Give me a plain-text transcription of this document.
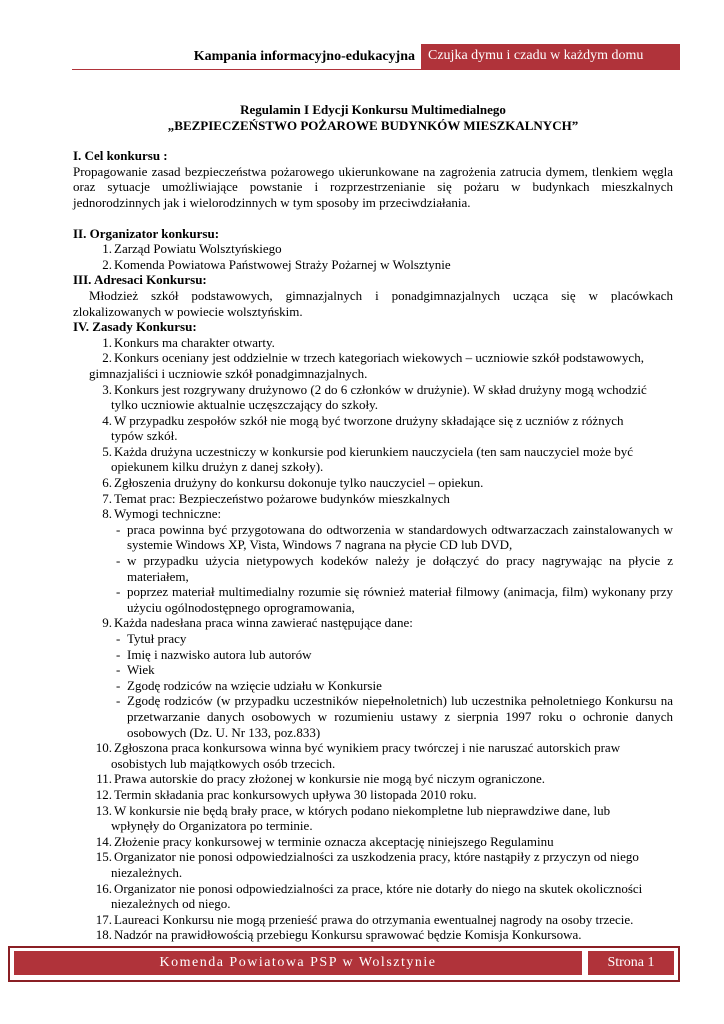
Kampania informacyjno-edukacyjna Czujka dymu i czadu w każdym domu

Regulamin I Edycji Konkursu Multimedialnego

„BEZPIECZEŃSTWO POŻAROWE BUDYNKÓW MIESZKALNYCH”

I. Cel konkursu :

Propagowanie zasad bezpieczeństwa pożarowego ukierunkowane na zagrożenia zatrucia dymem, tlenkiem węgla oraz sytuacje umożliwiające powstanie i rozprzestrzenianie się pożaru w budynkach mieszkalnych jednorodzinnych jak i wielorodzinnych w tym sposoby im przeciwdziałania.

II. Organizator konkursu:

1. Zarząd Powiatu Wolsztyńskiego
2. Komenda Powiatowa Państwowej Straży Pożarnej w Wolsztynie

III. Adresaci Konkursu:

Młodzież szkół podstawowych, gimnazjalnych i ponadgimnazjalnych ucząca się w placówkach zlokalizowanych w powiecie wolsztyńskim.

IV. Zasady Konkursu:

1. Konkurs ma charakter otwarty.
2. Konkurs oceniany jest oddzielnie w trzech kategoriach wiekowych – uczniowie szkół podstawowych,
gimnazjaliści i uczniowie szkół ponadgimnazjalnych.
3. Konkurs jest rozgrywany drużynowo (2 do 6 członków w drużynie). W skład drużyny mogą wchodzić
tylko uczniowie aktualnie uczęszczający do szkoły.
4. W przypadku zespołów szkół nie mogą być tworzone drużyny składające się z uczniów z różnych
typów szkół.
5. Każda drużyna uczestniczy w konkursie pod kierunkiem nauczyciela (ten sam nauczyciel może być
opiekunem kilku drużyn z danej szkoły).
6. Zgłoszenia drużyny do konkursu dokonuje tylko nauczyciel – opiekun.
7. Temat prac: Bezpieczeństwo pożarowe budynków mieszkalnych
8. Wymogi techniczne:
- praca powinna być przygotowana do odtworzenia w standardowych odtwarzaczach zainstalowanych w systemie Windows XP, Vista, Windows 7 nagrana na płycie CD lub DVD,
- w przypadku użycia nietypowych kodeków należy je dołączyć do pracy nagrywając na płycie z materiałem,
- poprzez materiał multimedialny rozumie się również materiał filmowy (animacja, film) wykonany przy użyciu ogólnodostępnego oprogramowania,
9. Każda nadesłana praca winna zawierać następujące dane:
- Tytuł pracy
- Imię i nazwisko autora lub autorów
- Wiek
- Zgodę rodziców na wzięcie udziału w Konkursie
- Zgodę rodziców (w przypadku uczestników niepełnoletnich) lub uczestnika pełnoletniego Konkursu na przetwarzanie danych osobowych w rozumieniu ustawy z sierpnia 1997 roku o ochronie danych osobowych (Dz. U. Nr 133, poz.833)
10. Zgłoszona praca konkursowa winna być wynikiem pracy twórczej i nie naruszać autorskich praw
osobistych lub majątkowych osób trzecich.
11. Prawa autorskie do pracy złożonej w konkursie nie mogą być niczym ograniczone.
12. Termin składania prac konkursowych upływa 30 listopada 2010 roku.
13. W konkursie nie będą brały prace, w których podano niekompletne lub nieprawdziwe dane, lub
wpłynęły do Organizatora po terminie.
14. Złożenie pracy konkursowej w terminie oznacza akceptację niniejszego Regulaminu
15. Organizator nie ponosi odpowiedzialności za uszkodzenia pracy, które nastąpiły z przyczyn od niego
niezależnych.
16. Organizator nie ponosi odpowiedzialności za prace, które nie dotarły do niego na skutek okoliczności
niezależnych od niego.
17. Laureaci Konkursu nie mogą przenieść prawa do otrzymania ewentualnej nagrody na osoby trzecie.
18. Nadzór na prawidłowością przebiegu Konkursu sprawować będzie Komisja Konkursowa.
Komenda Powiatowa PSP w Wolsztynie	Strona 1
